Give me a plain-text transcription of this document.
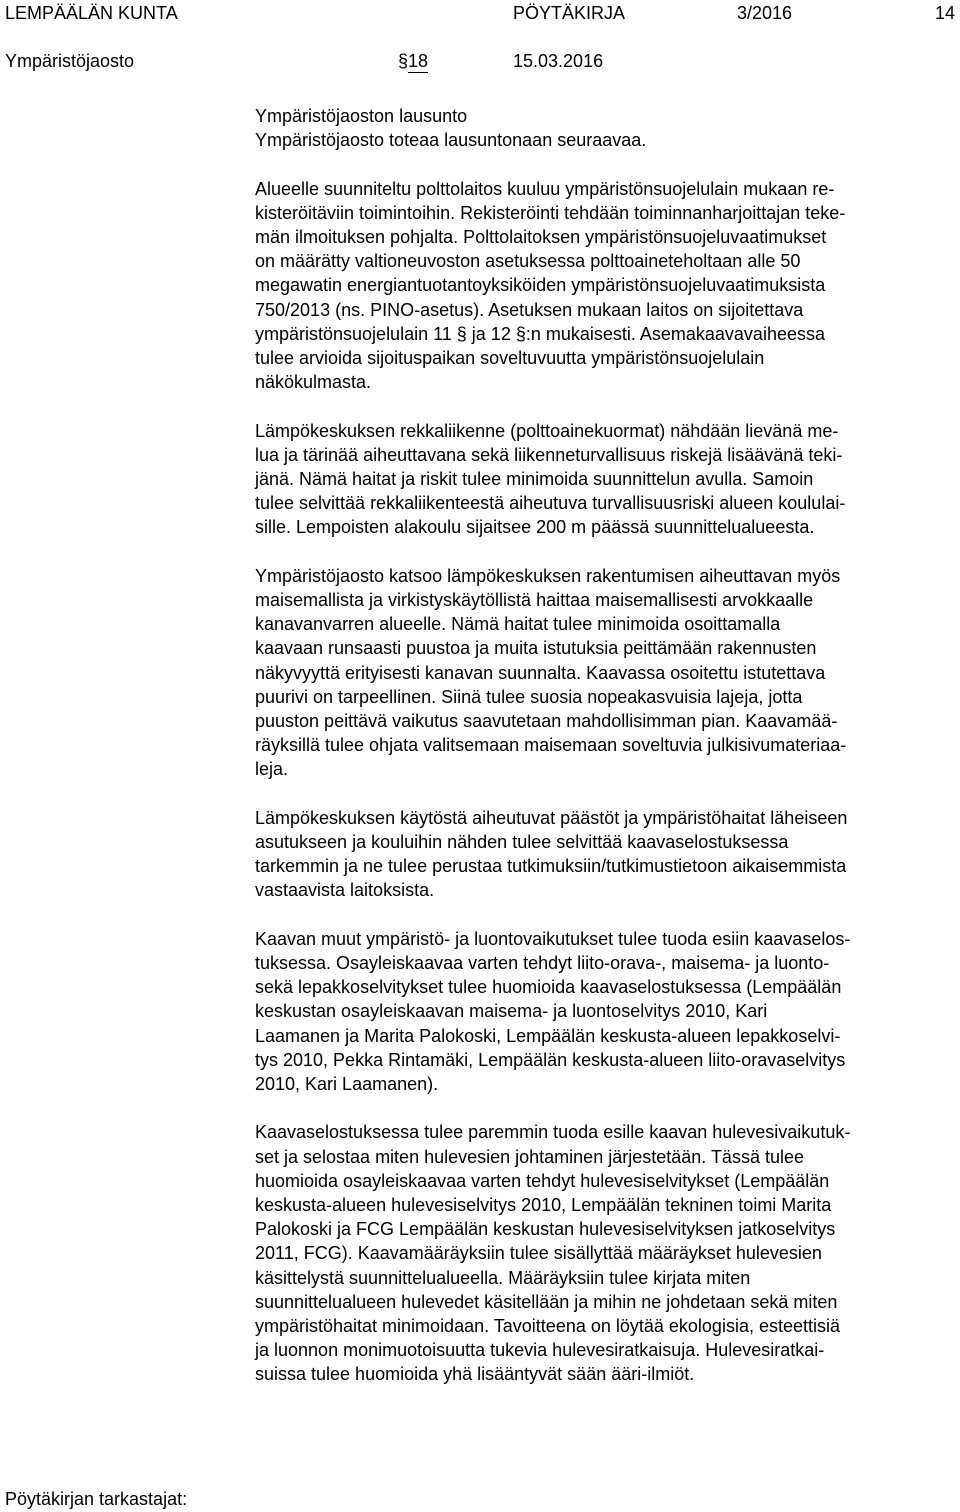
LEMPÄÄLÄN KUNTA	PÖYTÄKIRJA	3/2016	14
Ympäristöjaosto	§ 18	15.03.2016
Ympäristöjaoston lausunto
Ympäristöjaosto toteaa lausuntonaan seuraavaa.
Alueelle suunniteltu polttolaitos kuuluu ympäristönsuojelulain mukaan re-
kisteröitäviin toimintoihin. Rekisteröinti tehdään toiminnanharjoittajan teke-
män ilmoituksen pohjalta. Polttolaitoksen ympäristönsuojeluvaatimukset
on määrätty valtioneuvoston asetuksessa polttoaineteholtaan alle 50
megawatin energiantuotantoyksiköiden ympäristönsuojeluvaatimuksista
750/2013 (ns. PINO-asetus). Asetuksen mukaan laitos on sijoitettava
ympäristönsuojelulain 11 § ja 12 §:n mukaisesti. Asemakaavavaiheessa
tulee arvioida sijoituspaikan soveltuvuutta ympäristönsuojelulain
näkökulmasta.
Lämpökeskuksen rekkaliikenne (polttoainekuormat) nähdään lievänä me-
lua ja tärinää aiheuttavana sekä liikenneturvallisuus riskejä lisäävänä teki-
jänä. Nämä haitat ja riskit tulee minimoida suunnittelun avulla. Samoin
tulee selvittää rekkaliikenteestä aiheutuva turvallisuusriski alueen koululai-
sille. Lempoisten alakoulu sijaitsee 200 m päässä suunnittelualueesta.
Ympäristöjaosto katsoo lämpökeskuksen rakentumisen aiheuttavan myös
maisemallista ja virkistyskäytöllistä haittaa maisemallisesti arvokkaalle
kanavanvarren alueelle. Nämä haitat tulee minimoida osoittamalla
kaavaan runsaasti puustoa ja muita istutuksia peittämään rakennusten
näkyvyyttä erityisesti kanavan suunnalta. Kaavassa osoitettu istutettava
puurivi on tarpeellinen. Siinä tulee suosia nopeakasvuisia lajeja, jotta
puuston peittävä vaikutus saavutetaan mahdollisimman pian. Kaavamää-
räyksillä tulee ohjata valitsemaan maisemaan soveltuvia julkisivumateriaa-
leja.
Lämpökeskuksen käytöstä aiheutuvat päästöt ja ympäristöhaitat läheiseen
asutukseen ja kouluihin nähden tulee selvittää kaavaselostuksessa
tarkemmin ja ne tulee perustaa tutkimuksiin/tutkimustietoon aikaisemmista
vastaavista laitoksista.
Kaavan muut ympäristö- ja luontovaikutukset tulee tuoda esiin kaavaselos-
tuksessa. Osayleiskaavaa varten tehdyt liito-orava-, maisema- ja luonto-
sekä lepakkoselvitykset tulee huomioida kaavaselostuksessa (Lempäälän
keskustan osayleiskaavan maisema- ja luontoselvitys 2010, Kari
Laamanen ja Marita Palokoski, Lempäälän keskusta-alueen lepakkoselvi-
tys 2010, Pekka Rintamäki, Lempäälän keskusta-alueen liito-oravaselvitys
2010, Kari Laamanen).
Kaavaselostuksessa tulee paremmin tuoda esille kaavan hulevesivaikutuk-
set ja selostaa miten hulevesien johtaminen järjestetään. Tässä tulee
huomioida osayleiskaavaa varten tehdyt hulevesiselvitykset (Lempäälän
keskusta-alueen hulevesiselvitys 2010, Lempäälän tekninen toimi Marita
Palokoski ja FCG Lempäälän keskustan hulevesiselvityksen jatkoselvitys
2011, FCG). Kaavamääräyksiin tulee sisällyttää määräykset hulevesien
käsittelystä suunnittelualueella. Määräyksiin tulee kirjata miten
suunnittelualueen hulevedet käsitellään ja mihin ne johdetaan sekä miten
ympäristöhaitat minimoidaan. Tavoitteena on löytää ekologisia, esteettisiä
ja luonnon monimuotoisuutta tukevia hulevesiratkaisuja. Hulevesiratkai-
suissa tulee huomioida yhä lisääntyvät sään ääri-ilmiöt.
Pöytäkirjan tarkastajat:
